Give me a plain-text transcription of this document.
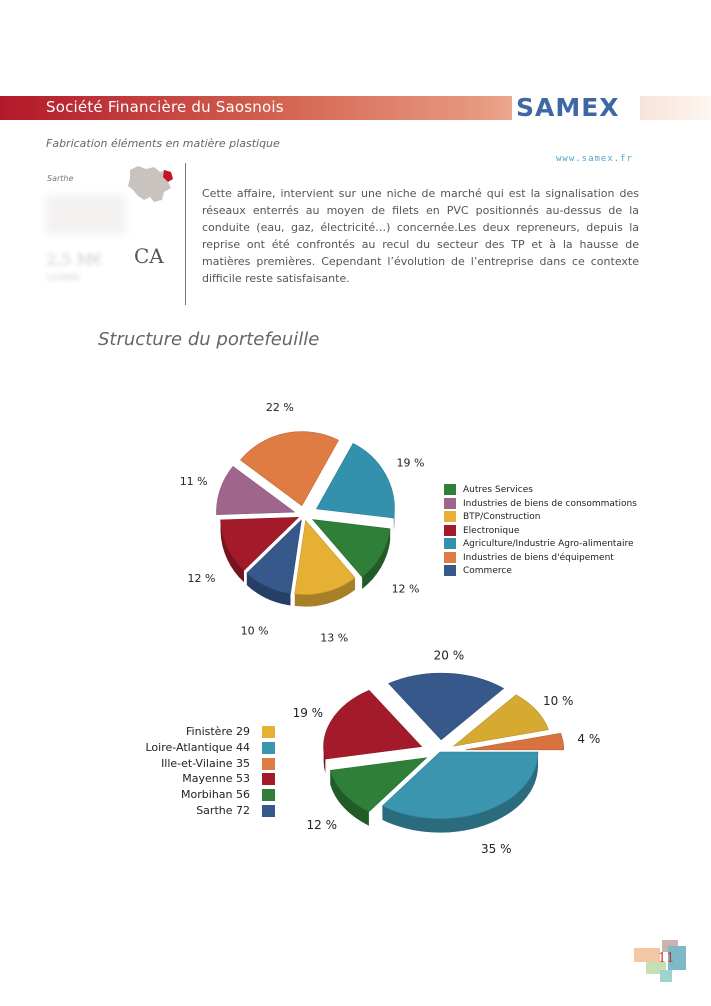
Société Financière du Saosnois	SAMEX
Fabrication éléments en matière plastique
www.samex.fr
Sarthe
2,5 M€
12/2009
CA
Cette affaire, intervient sur une niche de marché qui est la signalisation des réseaux enterrés au moyen de filets en PVC positionnés au-dessus de la conduite (eau, gaz, électricité…) concernée.Les deux repreneurs, depuis la reprise ont été confrontés au recul du secteur des TP et à la hausse de matières premières. Cependant l’évolution de l’entreprise dans ce contexte difficile reste satisfaisante.
Structure du portefeuille
19 %
12 %
13 %
10 %
12 %
11 %
22 %
35 %
12 %
19 %
20 %
10 %
4 %
Autres Services
Industries de biens de consommations
BTP/Construction
Electronique
Agriculture/Industrie Agro-alimentaire
Industries de biens d'équipement
Commerce
Finistère 29
Loire-Atlantique 44
Ille-et-Vilaine 35
Mayenne 53
Morbihan 56
Sarthe 72
11
